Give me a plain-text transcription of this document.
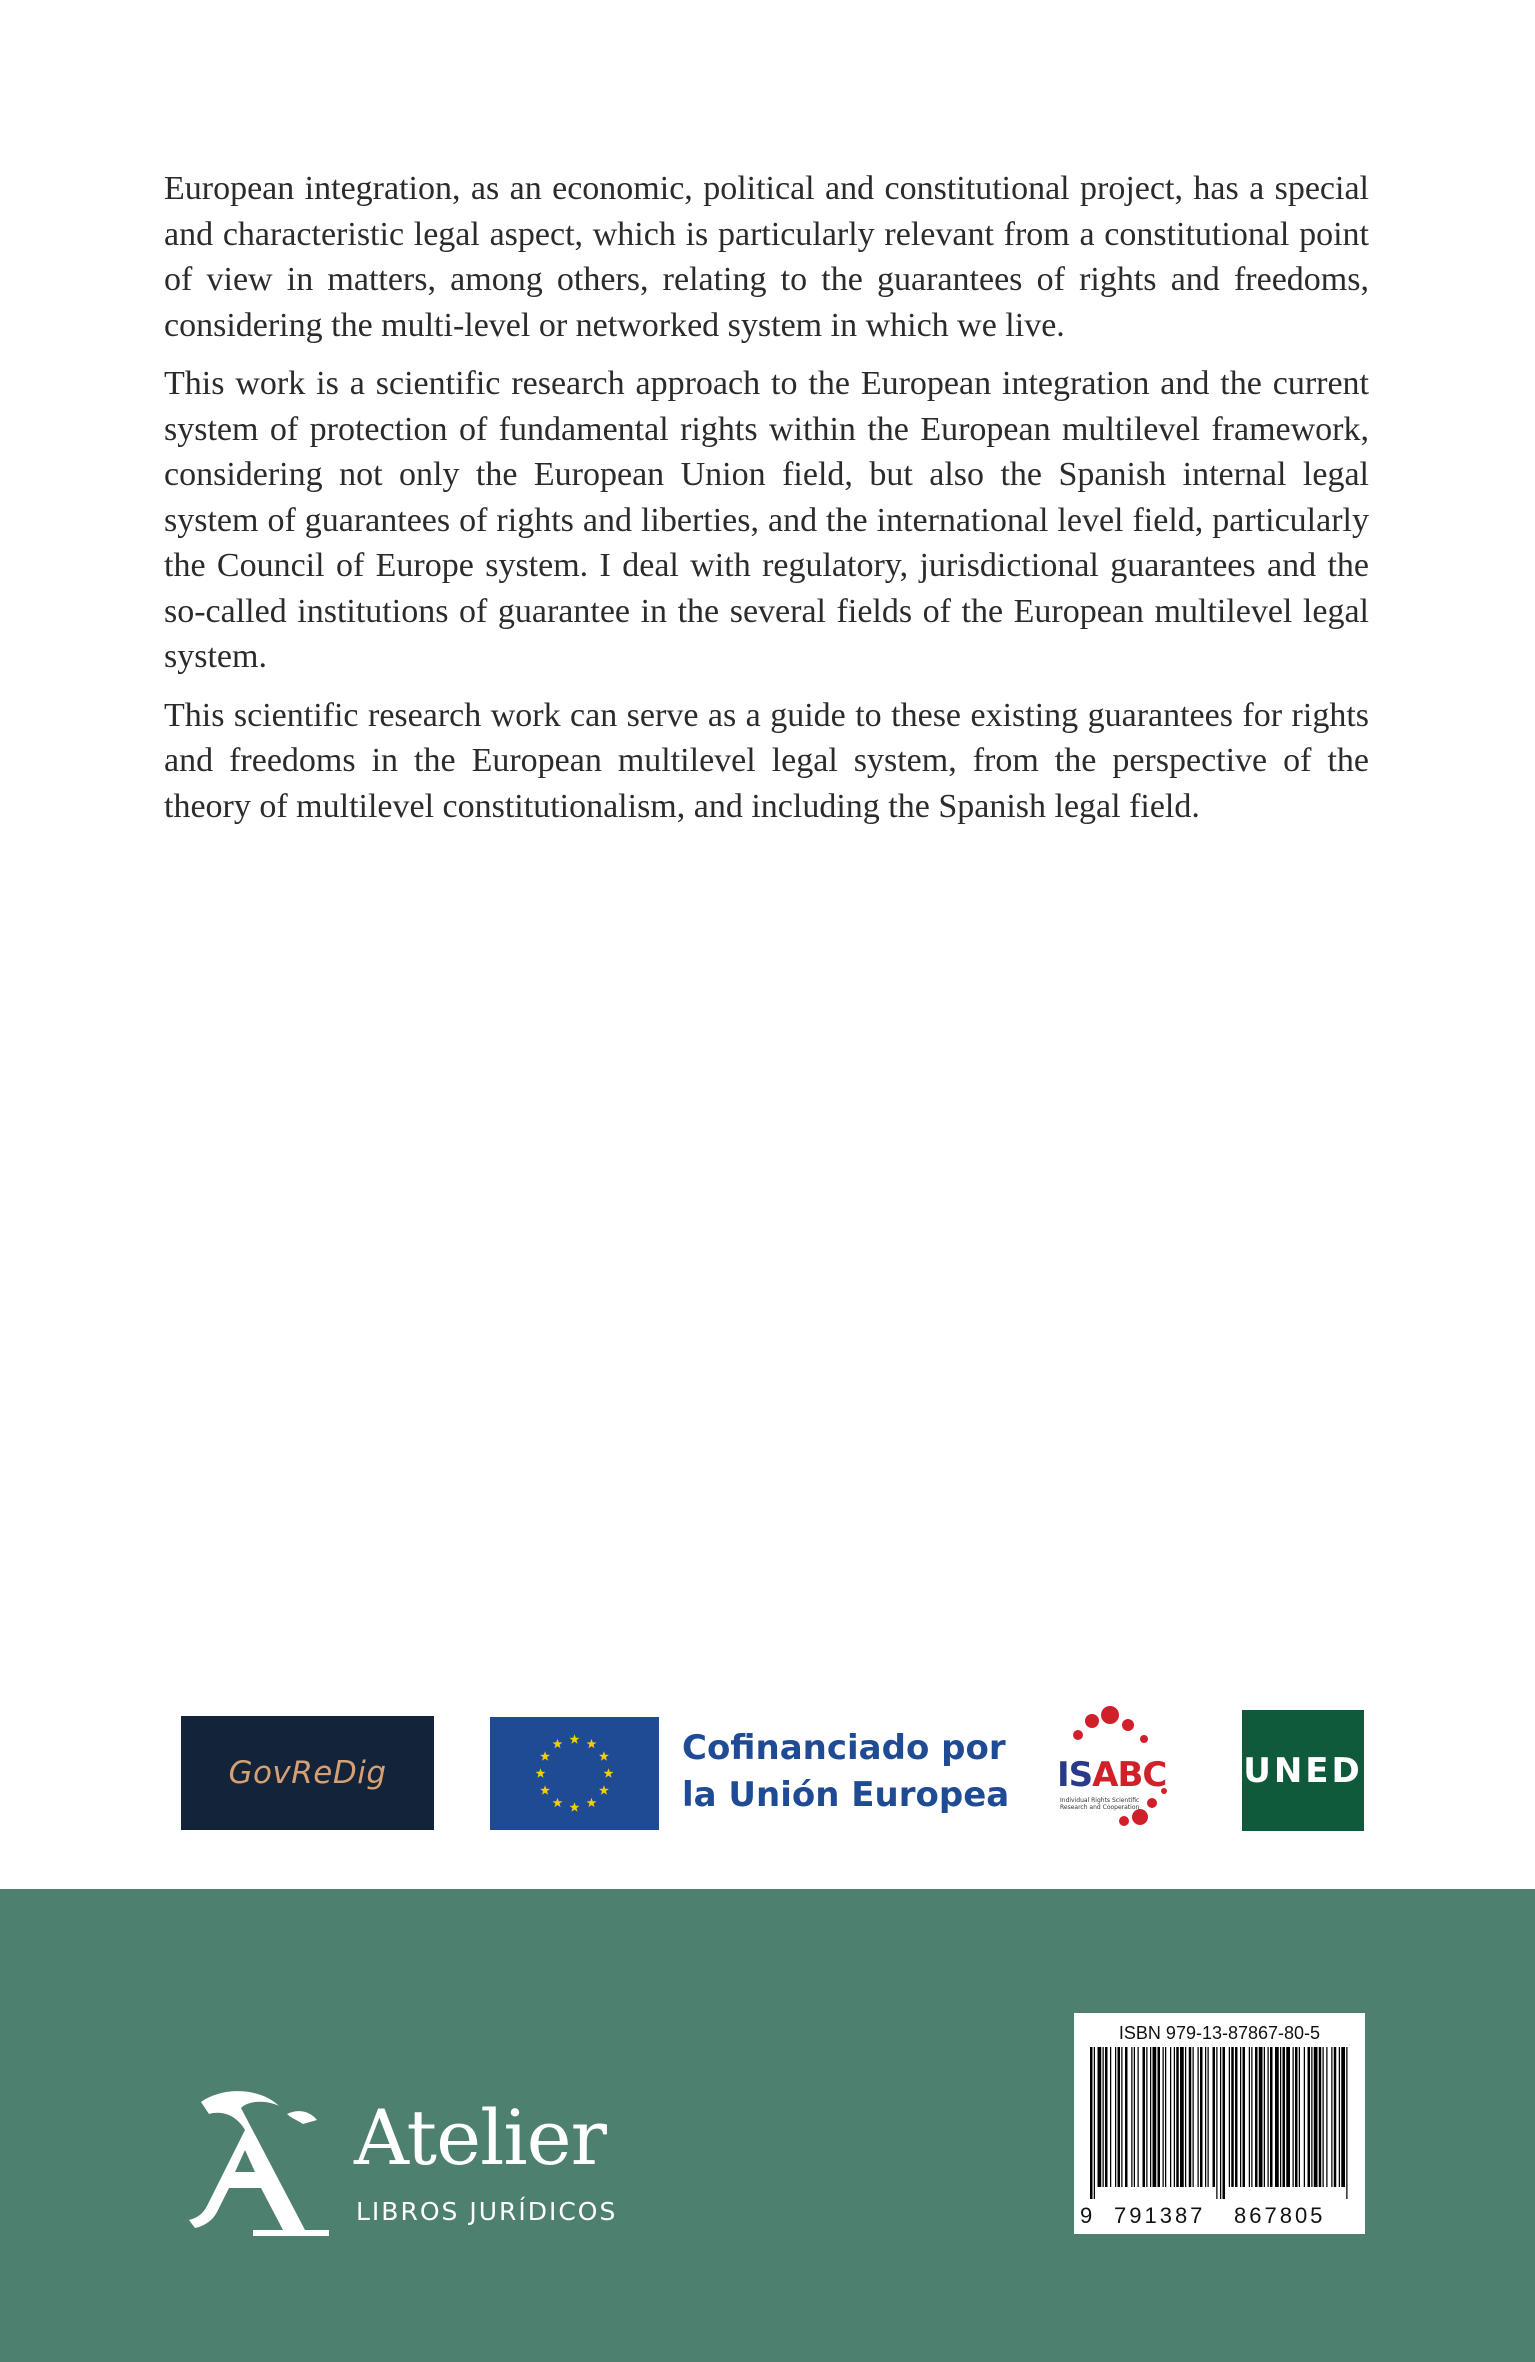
European integration, as an economic, political and constitutional project, has a special and characteristic legal aspect, which is particularly relevant from a constitutional point of view in matters, among others, relating to the guarantees of rights and freedoms, considering the multi-level or networked system in which we live.

This work is a scientific research approach to the European integration and the current system of protection of fundamental rights within the European multilevel framework, considering not only the European Union field, but also the Spanish internal legal system of guarantees of rights and liberties, and the international level field, particularly the Council of Europe system. I deal with regulatory, jurisdictional guarantees and the so-called institutions of guarantee in the several fields of the European multilevel legal system.

This scientific research work can serve as a guide to these existing guarantees for rights and freedoms in the European multilevel legal system, from the perspective of the theory of multilevel constitutionalism, and including the Spanish legal field.

GovReDig
Cofinanciado por
la Unión Europea ISABC
Individual Rights Scientific
Research and Cooperation
UNED
Atelier
LIBROS JURÍDICOS
ISBN 979-13-87867-80-5
9 791387 867805
